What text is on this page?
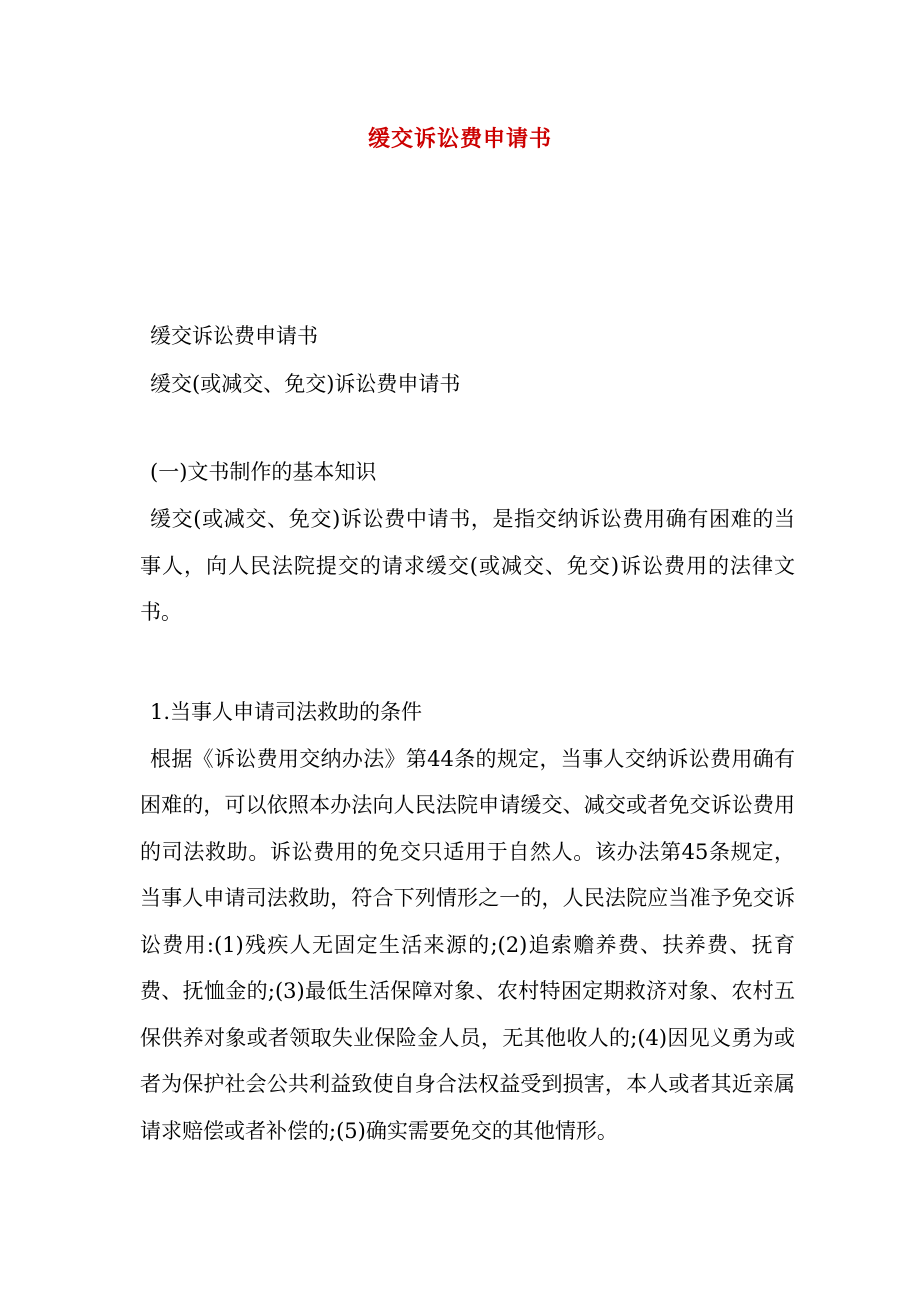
缓交诉讼费申请书
缓交诉讼费申请书
缓交(或减交、免交)诉讼费申请书
(一)文书制作的基本知识

缓交(或减交、免交)诉讼费中请书，是指交纳诉讼费用确有困难的当事人，向人民法院提交的请求缓交(或减交、免交)诉讼费用的法律文书。

1.当事人申请司法救助的条件

根据《诉讼费用交纳办法》第44条的规定，当事人交纳诉讼费用确有困难的，可以依照本办法向人民法院申请缓交、减交或者免交诉讼费用的司法救助。诉讼费用的免交只适用于自然人。该办法第45条规定，当事人申请司法救助，符合下列情形之一的，人民法院应当准予免交诉讼费用:(1)残疾人无固定生活来源的;(2)追索赡养费、扶养费、抚育费、抚恤金的;(3)最低生活保障对象、农村特困定期救济对象、农村五保供养对象或者领取失业保险金人员，无其他收人的;(4)因见义勇为或者为保护社会公共利益致使自身合法权益受到损害，本人或者其近亲属请求赔偿或者补偿的;(5)确实需要免交的其他情形。
